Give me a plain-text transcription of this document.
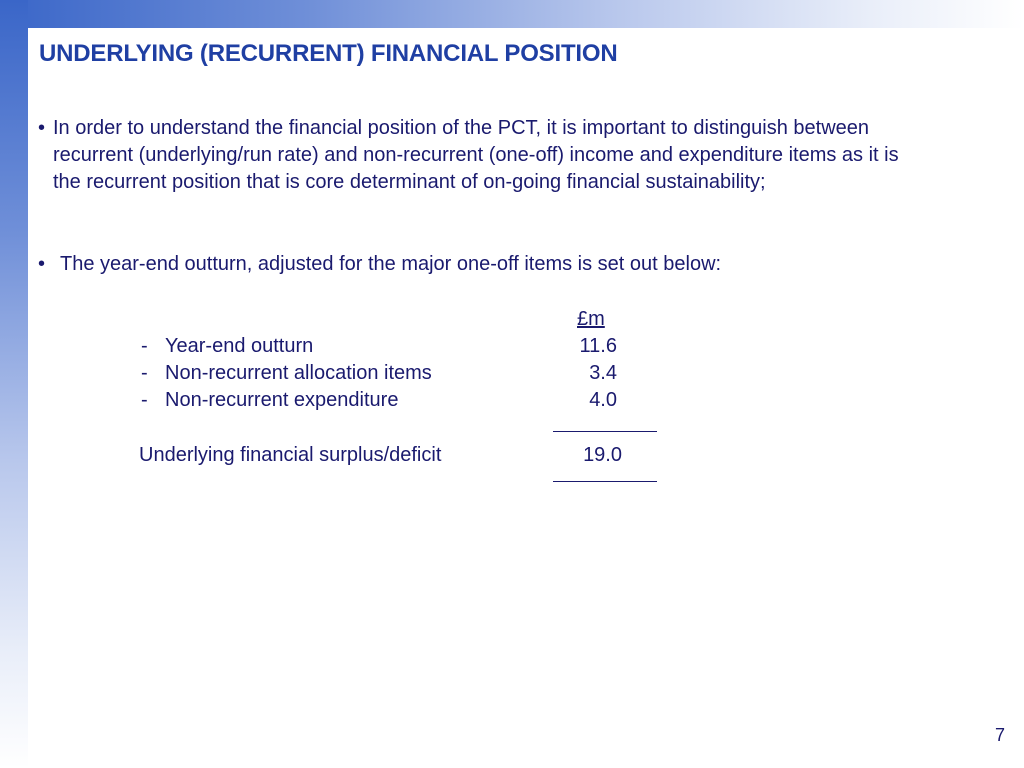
UNDERLYING (RECURRENT) FINANCIAL POSITION
• In order to understand the financial position of the PCT, it is important to distinguish between recurrent (underlying/run rate) and non-recurrent (one-off) income and expenditure items as it is the recurrent position that is core determinant of on-going financial sustainability;
• The year-end outturn, adjusted for the major one-off items is set out below:
£m
- Year-end outturn	11.6
- Non-recurrent allocation items	3.4
- Non-recurrent expenditure	4.0
Underlying financial surplus/deficit	19.0
7
